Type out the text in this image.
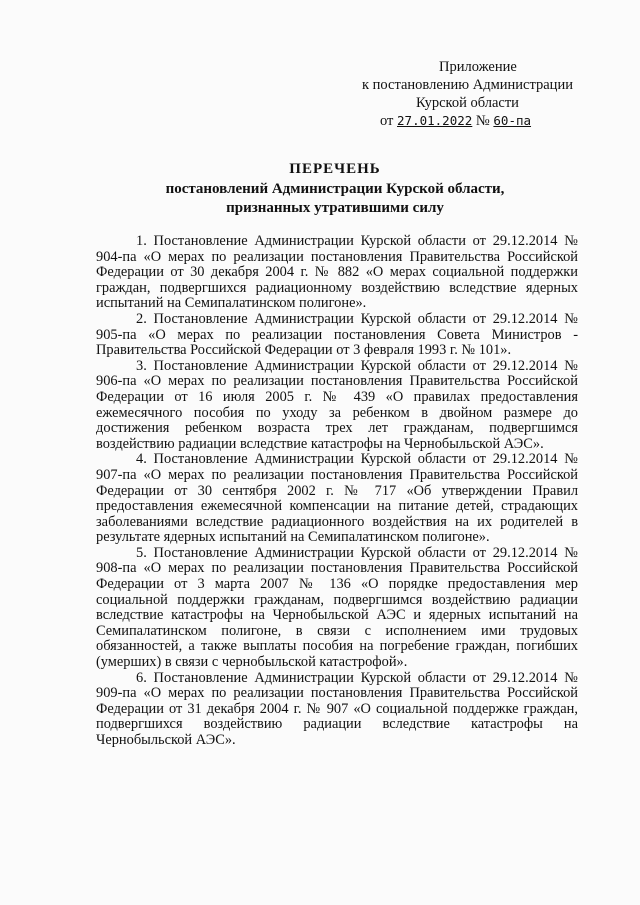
Приложение
к постановлению Администрации
Курской области
от 27.01.2022 № 60-па
ПЕРЕЧЕНЬ
постановлений Администрации Курской области,
признанных утратившими силу

1. Постановление Администрации Курской области от 29.12.2014 № 904-па «О мерах по реализации постановления Правительства Российской Федерации от 30 декабря 2004 г. № 882 «О мерах социальной поддержки граждан, подвергшихся радиационному воздействию вследствие ядерных испытаний на Семипалатинском полигоне».

2. Постановление Администрации Курской области от 29.12.2014 № 905-па «О мерах по реализации постановления Совета Министров - Правительства Российской Федерации от 3 февраля 1993 г. № 101».

3. Постановление Администрации Курской области от 29.12.2014 № 906-па «О мерах по реализации постановления Правительства Российской Федерации от 16 июля 2005 г. № 439 «О правилах предоставления ежемесячного пособия по уходу за ребенком в двойном размере до достижения ребенком возраста трех лет гражданам, подвергшимся воздействию радиации вследствие катастрофы на Чернобыльской АЭС».

4. Постановление Администрации Курской области от 29.12.2014 № 907-па «О мерах по реализации постановления Правительства Российской Федерации от 30 сентября 2002 г. № 717 «Об утверждении Правил предоставления ежемесячной компенсации на питание детей, страдающих заболеваниями вследствие радиационного воздействия на их родителей в результате ядерных испытаний на Семипалатинском полигоне».

5. Постановление Администрации Курской области от 29.12.2014 № 908-па «О мерах по реализации постановления Правительства Российской Федерации от 3 марта 2007 № 136 «О порядке предоставления мер социальной поддержки гражданам, подвергшимся воздействию радиации вследствие катастрофы на Чернобыльской АЭС и ядерных испытаний на Семипалатинском полигоне, в связи с исполнением ими трудовых обязанностей, а также выплаты пособия на погребение граждан, погибших (умерших) в связи с чернобыльской катастрофой».

6. Постановление Администрации Курской области от 29.12.2014 № 909-па «О мерах по реализации постановления Правительства Российской Федерации от 31 декабря 2004 г. № 907 «О социальной поддержке граждан, подвергшихся воздействию радиации вследствие катастрофы на Чернобыльской АЭС».
